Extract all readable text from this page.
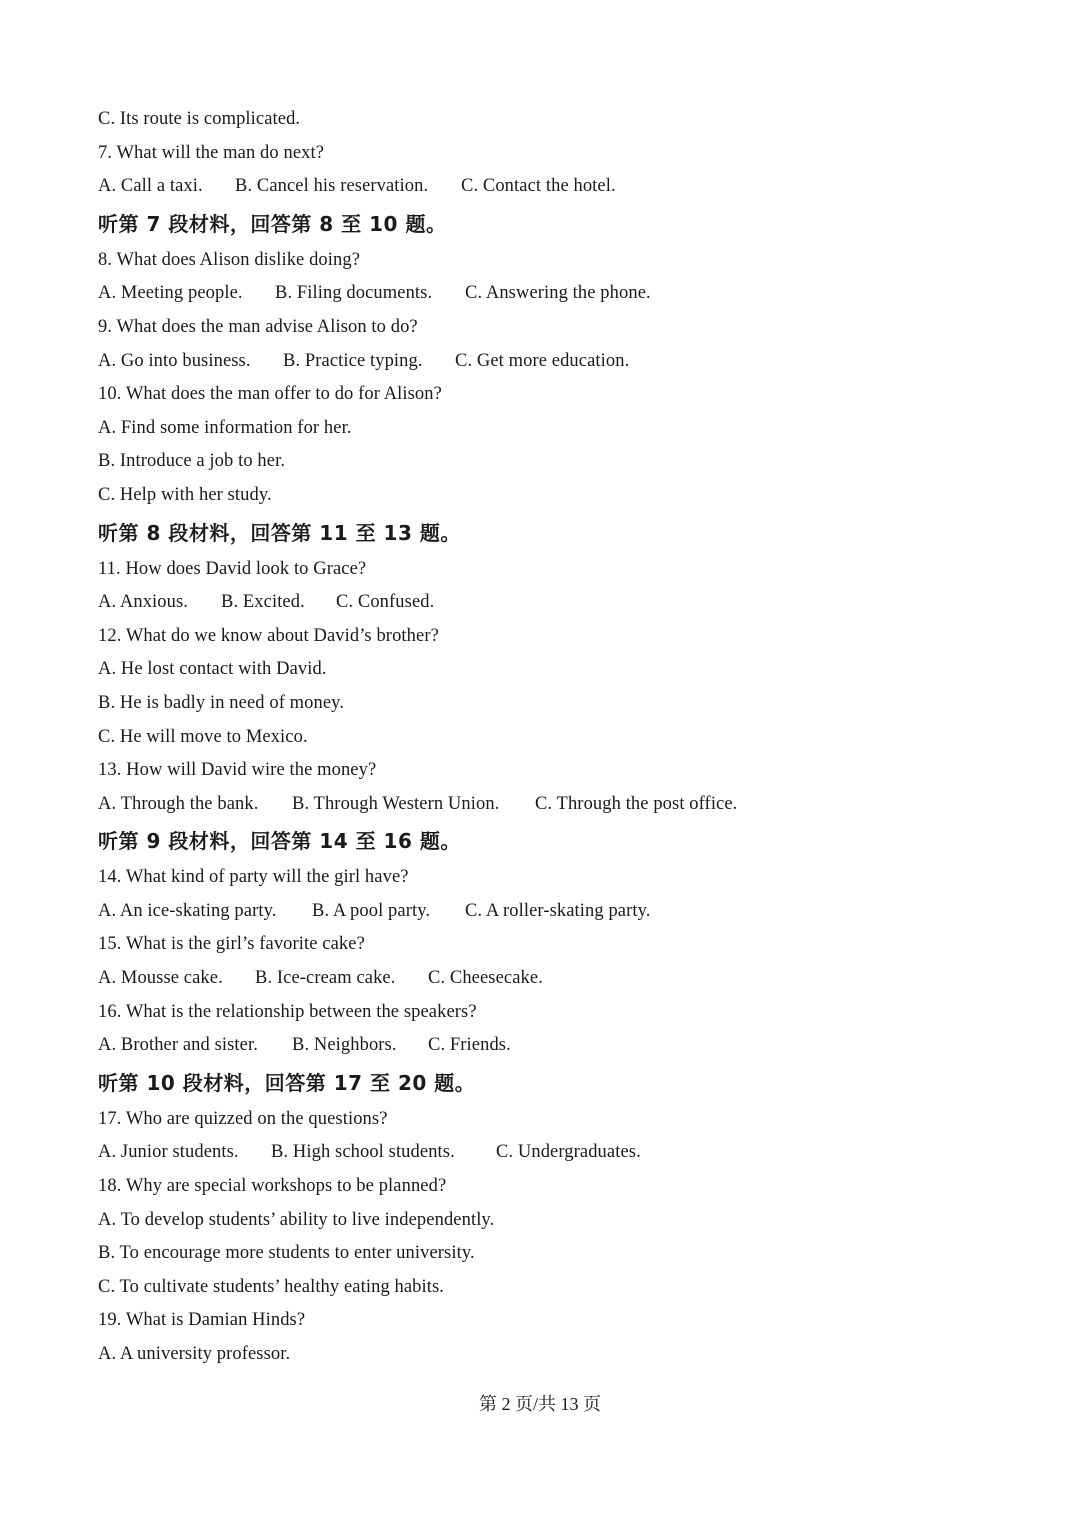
C. Its route is complicated.
7. What will the man do next?
A. Call a taxi.	B. Cancel his reservation.	C. Contact the hotel.
听第 7 段材料，回答第 8 至 10 题。
8. What does Alison dislike doing?
A. Meeting people.	B. Filing documents.	C. Answering the phone.
9. What does the man advise Alison to do?
A. Go into business.	B. Practice typing.	C. Get more education.
10. What does the man offer to do for Alison?
A. Find some information for her.
B. Introduce a job to her.
C. Help with her study.
听第 8 段材料，回答第 11 至 13 题。
11. How does David look to Grace?
A. Anxious.	B. Excited.	C. Confused.
12. What do we know about David’s brother?
A. He lost contact with David.
B. He is badly in need of money.
C. He will move to Mexico.
13. How will David wire the money?
A. Through the bank.	B. Through Western Union.	C. Through the post office.
听第 9 段材料，回答第 14 至 16 题。
14. What kind of party will the girl have?
A. An ice-skating party.	B. A pool party.	C. A roller-skating party.
15. What is the girl’s favorite cake?
A. Mousse cake.	B. Ice-cream cake.	C. Cheesecake.
16. What is the relationship between the speakers?
A. Brother and sister.	B. Neighbors.	C. Friends.
听第 10 段材料，回答第 17 至 20 题。
17. Who are quizzed on the questions?
A. Junior students.	B. High school students.	C. Undergraduates.
18. Why are special workshops to be planned?
A. To develop students’ ability to live independently.
B. To encourage more students to enter university.
C. To cultivate students’ healthy eating habits.
19. What is Damian Hinds?
A. A university professor.
第 2 页/共 13 页
